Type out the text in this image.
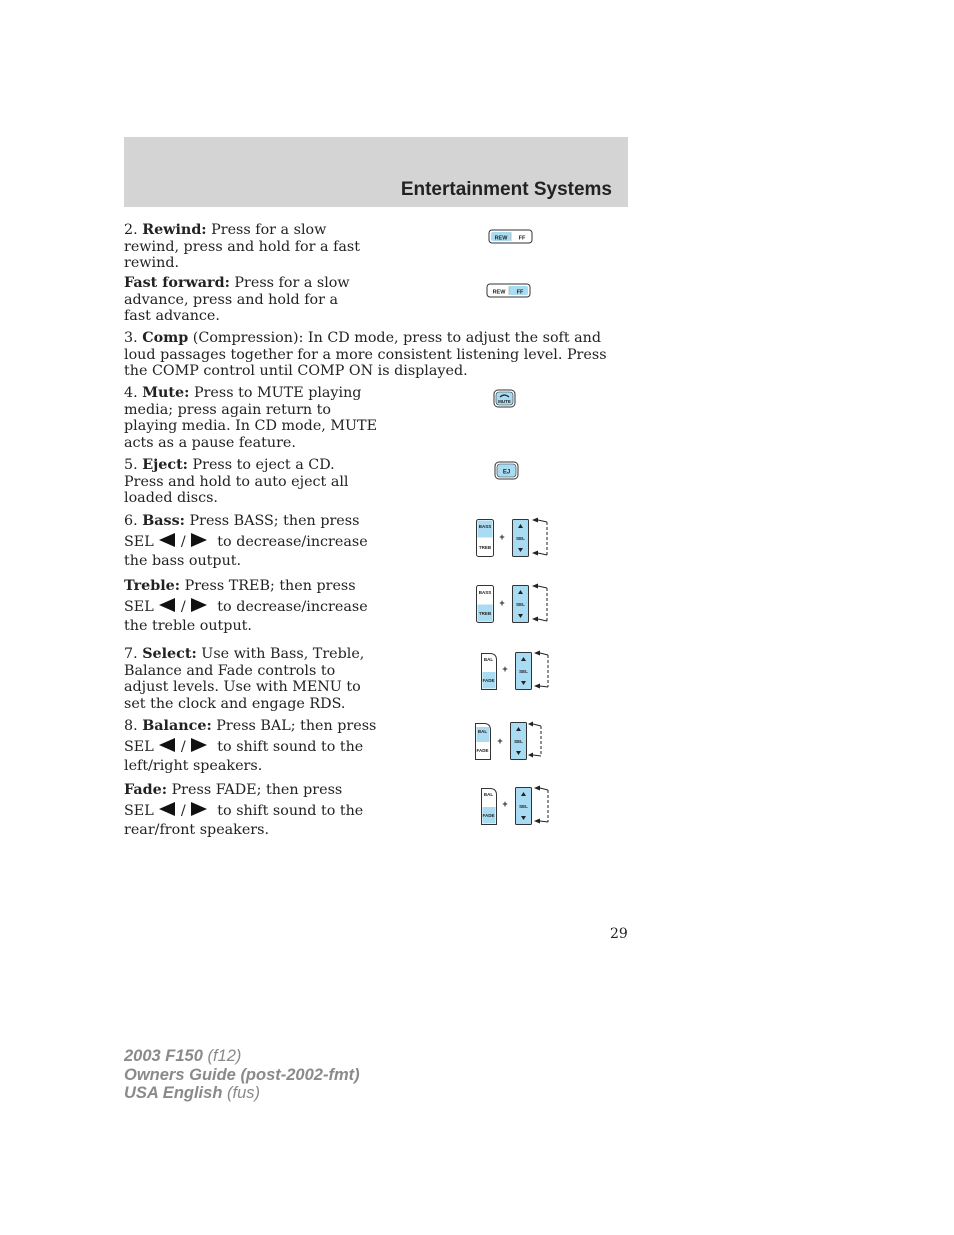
Entertainment Systems
2. Rewind: Press for a slow rewind, press and hold for a fast rewind.
REW FF
Fast forward: Press for a slow advance, press and hold for a fast advance.
REW FF
3. Comp (Compression): In CD mode, press to adjust the soft and loud passages together for a more consistent listening level. Press the COMP control until COMP ON is displayed.
4. Mute: Press to MUTE playing media; press again return to playing media. In CD mode, MUTE acts as a pause feature.
MUTE
5. Eject: Press to eject a CD. Press and hold to auto eject all loaded discs.
EJ
6. Bass: Press BASS; then press
SEL / to decrease/increase
the bass output.
BASS
TREB
+	SEL
Treble: Press TREB; then press
SEL / to decrease/increase
the treble output.
BASS
TREB
+	SEL
7. Select: Use with Bass, Treble, Balance and Fade controls to adjust levels. Use with MENU to set the clock and engage RDS.
BAL
FADE
+	SEL
8. Balance: Press BAL; then press
SEL / to shift sound to the
left/right speakers.
BAL
FADE
+	SEL
Fade: Press FADE; then press
SEL / to shift sound to the
rear/front speakers.
BAL
FADE
+	SEL
29
2003 F150 (f12)
Owners Guide (post-2002-fmt)
USA English (fus)
